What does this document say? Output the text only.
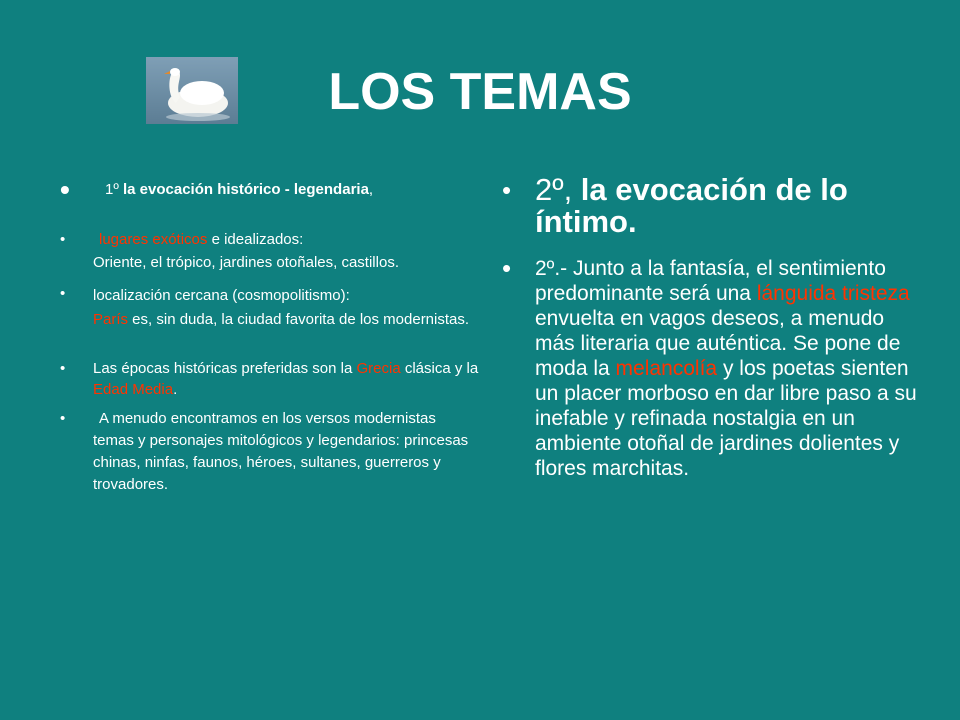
LOS TEMAS
• 1º la evocación histórico - legendaria,
•	lugares exóticos e idealizados:
Oriente, el trópico, jardines otoñales, castillos.
• localización cercana (cosmopolitismo):
París es, sin duda, la ciudad favorita de los modernistas.
• Las épocas históricas preferidas son la Grecia clásica y la Edad Media.
• A menudo encontramos en los versos modernistas temas y personajes mitológicos y legendarios: princesas chinas, ninfas, faunos, héroes, sultanes, guerreros y trovadores.
• 2º, la evocación de lo íntimo.
• 2º.- Junto a la fantasía, el sentimiento predominante será una lánguida tristeza envuelta en vagos deseos, a menudo más literaria que auténtica. Se pone de moda la melancolía y los poetas sienten un placer morboso en dar libre paso a su inefable y refinada nostalgia en un ambiente otoñal de jardines dolientes y flores marchitas.
